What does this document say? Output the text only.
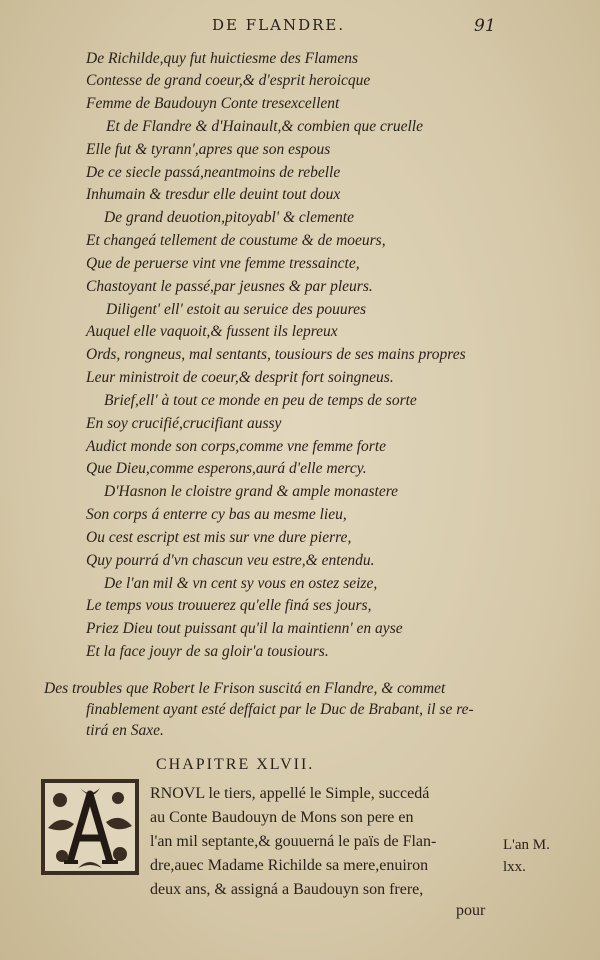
DE FLANDRE.	91
De Richilde,quy fut huictiesme des Flamens
Contesse de grand coeur,& d'esprit heroicque
Femme de Baudouyn Conte tresexcellent
Et de Flandre & d'Hainault,& combien que cruelle
Elle fut & tyrann',apres que son espous
De ce siecle passá,neantmoins de rebelle
Inhumain & tresdur elle deuint tout doux
De grand deuotion,pitoyabl' & clemente
Et changeá tellement de coustume & de moeurs,
Que de peruerse vint vne femme tressaincte,
Chastoyant le passé,par jeusnes & par pleurs.
Diligent' ell' estoit au seruice des pouures
Auquel elle vaquoit,& fussent ils lepreux
Ords, rongneus, mal sentants, tousiours de ses mains propres
Leur ministroit de coeur,& desprit fort soingneus.
Brief,ell' à tout ce monde en peu de temps de sorte
En soy crucifié,crucifiant aussy
Audict monde son corps,comme vne femme forte
Que Dieu,comme esperons,aurá d'elle mercy.
D'Hasnon le cloistre grand & ample monastere
Son corps á enterre cy bas au mesme lieu,
Ou cest escript est mis sur vne dure pierre,
Quy pourrá d'vn chascun veu estre,& entendu.
De l'an mil & vn cent sy vous en ostez seize,
Le temps vous trouuerez qu'elle finá ses jours,
Priez Dieu tout puissant qu'il la maintienn' en ayse
Et la face jouyr de sa gloir'a tousiours.
Des troubles que Robert le Frison suscitá en Flandre, & commet
finablement ayant esté deffaict par le Duc de Brabant, il se re-
tirá en Saxe.
CHAPITRE XLVII.
RNOVL le tiers, appellé le Simple, succedá
au Conte Baudouyn de Mons son pere en
l'an mil septante,& gouuerná le païs de Flan-
dre,auec Madame Richilde sa mere,enuiron
deux ans, & assigná a Baudouyn son frere,
L'an M.
lxx.
pour
